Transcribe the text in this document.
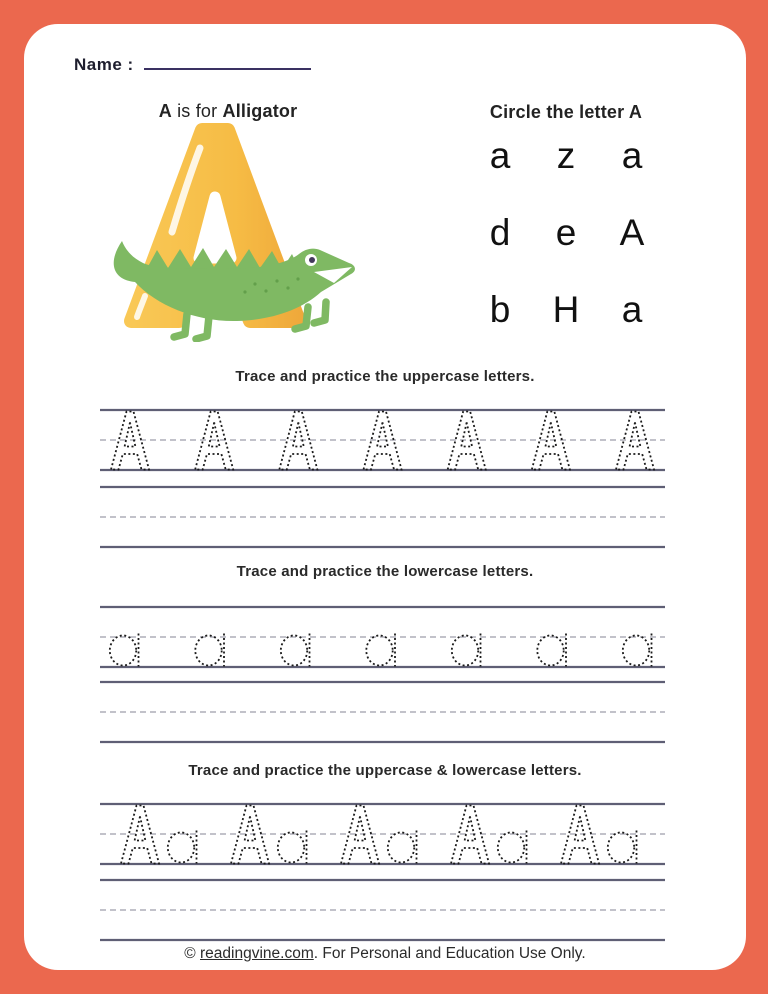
Name :
A is for Alligator	Circle the letter A
a	z	a
d	e	A
b	H	a
Trace and practice the uppercase letters.
Trace and practice the lowercase letters.
Trace and practice the uppercase & lowercase letters.
© readingvine.com. For Personal and Education Use Only.
